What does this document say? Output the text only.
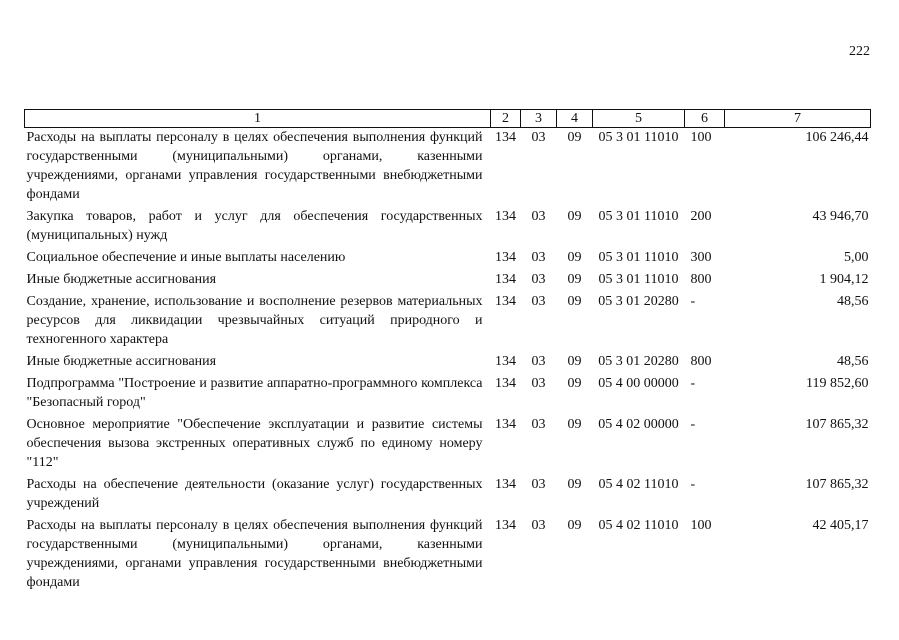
222
1	2	3	4	5	6	7
Расходы на выплаты персоналу в целях обеспечения выполнения функций государственными (муниципальными) органами, казенными учреждениями, органами управления государственными внебюджетными фондами	134	03	09	05 3 01 11010	100	106 246,44
Закупка товаров, работ и услуг для обеспечения государственных (муниципальных) нужд	134	03	09	05 3 01 11010	200	43 946,70
Социальное обеспечение и иные выплаты населению	134	03	09	05 3 01 11010	300	5,00
Иные бюджетные ассигнования	134	03	09	05 3 01 11010	800	1 904,12
Создание, хранение, использование и восполнение резервов материальных ресурсов для ликвидации чрезвычайных ситуаций природного и техногенного характера	134	03	09	05 3 01 20280	-	48,56
Иные бюджетные ассигнования	134	03	09	05 3 01 20280	800	48,56
Подпрограмма "Построение и развитие аппаратно-программного комплекса "Безопасный город"	134	03	09	05 4 00 00000	-	119 852,60
Основное мероприятие "Обеспечение эксплуатации и развитие системы обеспечения вызова экстренных оперативных служб по единому номеру "112"	134	03	09	05 4 02 00000	-	107 865,32
Расходы на обеспечение деятельности (оказание услуг) государственных учреждений	134	03	09	05 4 02 11010	-	107 865,32
Расходы на выплаты персоналу в целях обеспечения выполнения функций государственными (муниципальными) органами, казенными учреждениями, органами управления государственными внебюджетными фондами	134	03	09	05 4 02 11010	100	42 405,17
